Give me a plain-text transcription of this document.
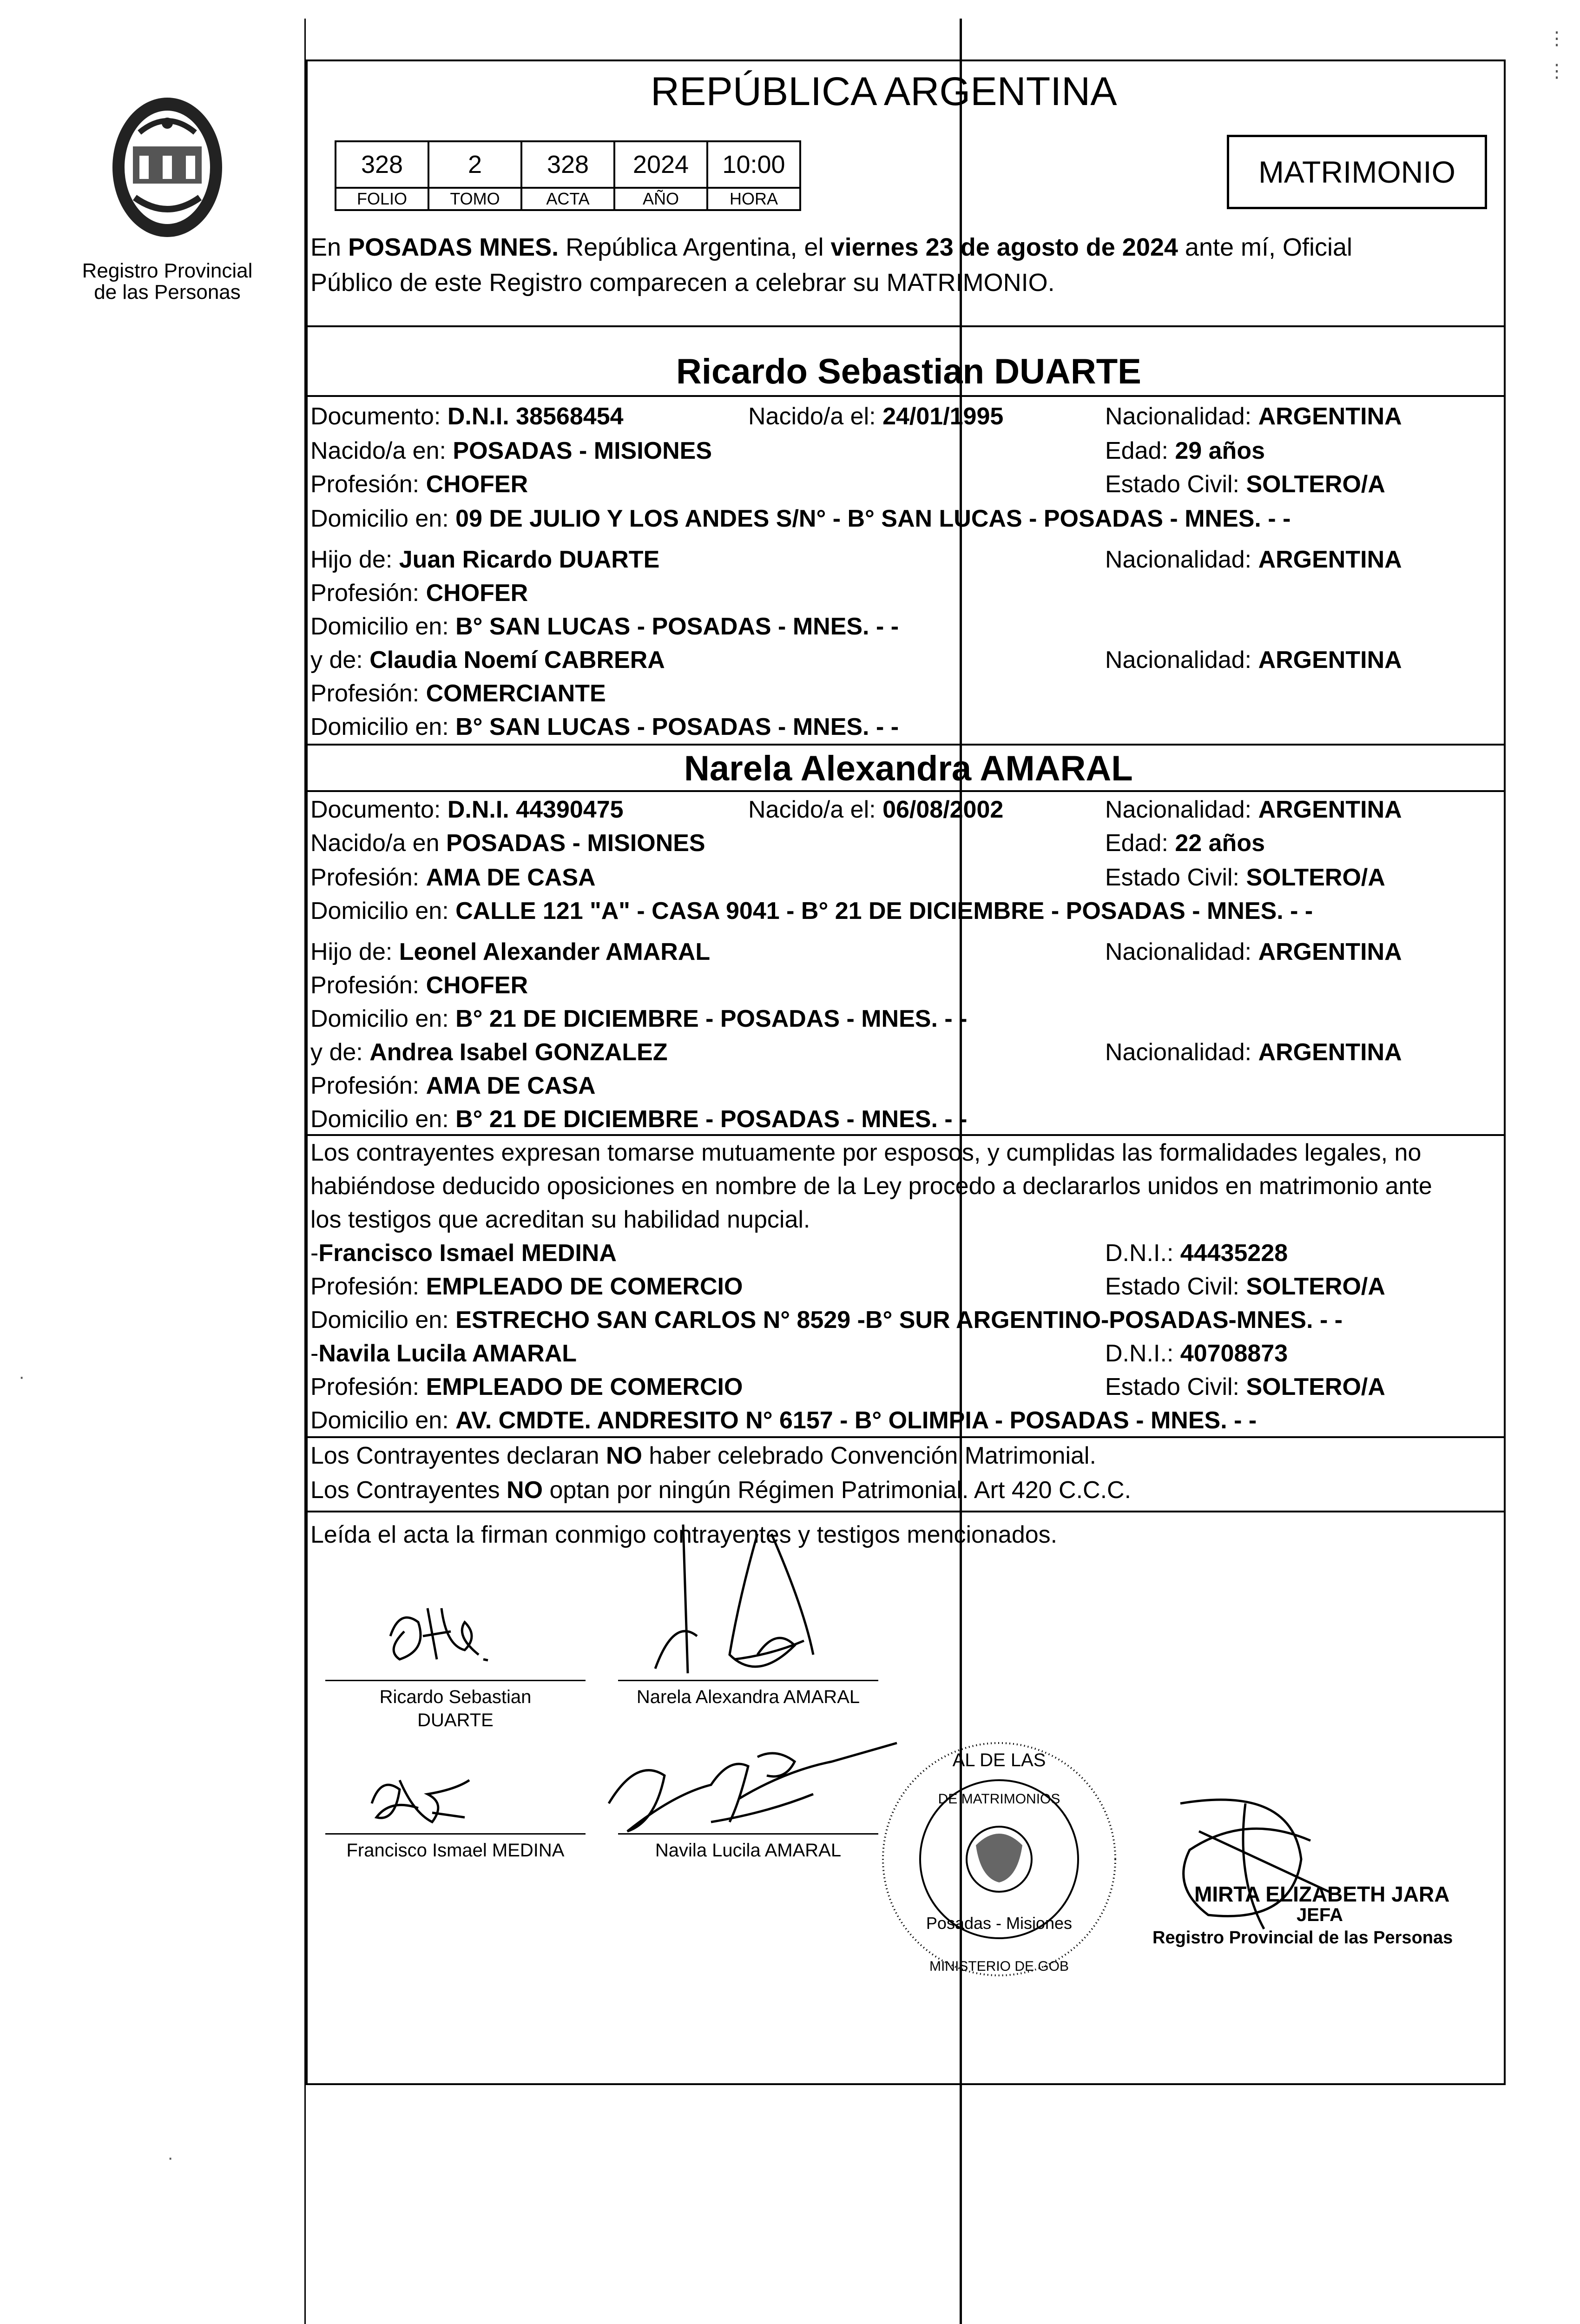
Registro Provincial
de las Personas
REPÚBLICA ARGENTINA
328	2	328	2024	10:00
FOLIO	TOMO	ACTA	AÑO	HORA
MATRIMONIO
En POSADAS MNES. República Argentina, el viernes 23 de agosto de 2024 ante mí, Oficial
Público de este Registro comparecen a celebrar su MATRIMONIO.
Ricardo Sebastian DUARTE
Documento: D.N.I. 38568454	Nacido/a el: 24/01/1995	Nacionalidad: ARGENTINA
Nacido/a en: POSADAS - MISIONES	Edad: 29 años
Profesión: CHOFER	Estado Civil: SOLTERO/A
Domicilio en: 09 DE JULIO Y LOS ANDES S/N° - B° SAN LUCAS - POSADAS - MNES. - -
Hijo de: Juan Ricardo DUARTE	Nacionalidad: ARGENTINA
Profesión: CHOFER
Domicilio en: B° SAN LUCAS - POSADAS - MNES. - -
y de: Claudia Noemí CABRERA	Nacionalidad: ARGENTINA
Profesión: COMERCIANTE
Domicilio en: B° SAN LUCAS - POSADAS - MNES. - -
Narela Alexandra AMARAL
Documento: D.N.I. 44390475	Nacido/a el: 06/08/2002	Nacionalidad: ARGENTINA
Nacido/a en POSADAS - MISIONES	Edad: 22 años
Profesión: AMA DE CASA	Estado Civil: SOLTERO/A
Domicilio en: CALLE 121 "A" - CASA 9041 - B° 21 DE DICIEMBRE - POSADAS - MNES. - -
Hijo de: Leonel Alexander AMARAL	Nacionalidad: ARGENTINA
Profesión: CHOFER
Domicilio en: B° 21 DE DICIEMBRE - POSADAS - MNES. - -
y de: Andrea Isabel GONZALEZ	Nacionalidad: ARGENTINA
Profesión: AMA DE CASA
Domicilio en: B° 21 DE DICIEMBRE - POSADAS - MNES. - -
Los contrayentes expresan tomarse mutuamente por esposos, y cumplidas las formalidades legales, no
habiéndose deducido oposiciones en nombre de la Ley procedo a declararlos unidos en matrimonio ante
los testigos que acreditan su habilidad nupcial.
-Francisco Ismael MEDINA	D.N.I.: 44435228
Profesión: EMPLEADO DE COMERCIO	Estado Civil: SOLTERO/A
Domicilio en: ESTRECHO SAN CARLOS N° 8529 -B° SUR ARGENTINO-POSADAS-MNES. - -
-Navila Lucila AMARAL	D.N.I.: 40708873
Profesión: EMPLEADO DE COMERCIO	Estado Civil: SOLTERO/A
Domicilio en: AV. CMDTE. ANDRESITO N° 6157 - B° OLIMPIA - POSADAS - MNES. - -
Los Contrayentes declaran NO haber celebrado Convención Matrimonial.
Los Contrayentes NO optan por ningún Régimen Patrimonial. Art 420 C.C.C.
Leída el acta la firman conmigo contrayentes y testigos mencionados.
Ricardo Sebastian
DUARTE
Narela Alexandra AMARAL
Francisco Ismael MEDINA	Navila Lucila AMARAL
AL DE LAS
DE MATRIMONIOS
Posadas - Misiones
MINISTERIO DE GOB
MIRTA ELIZABETH JARA
JEFA
Registro Provincial de las Personas
⋮
⋮
·
·
